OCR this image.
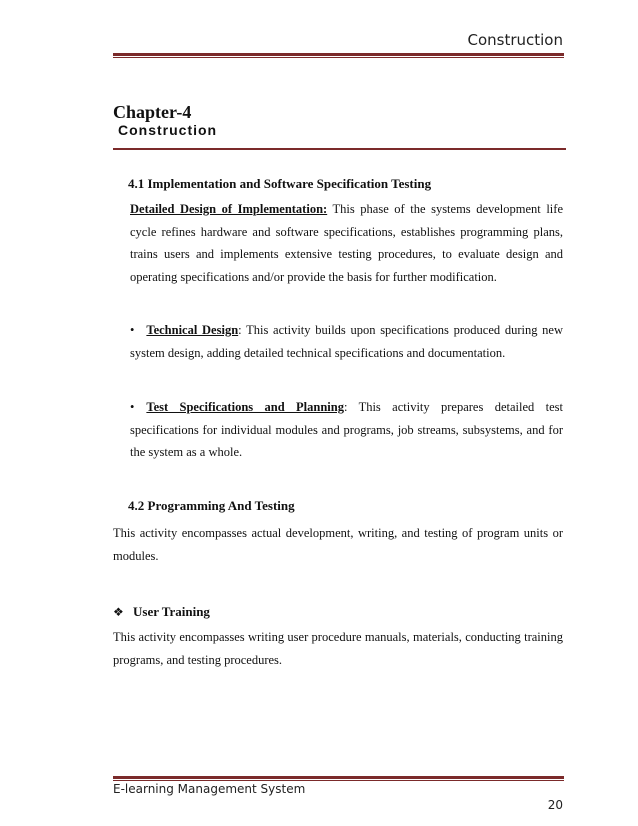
Construction
Chapter-4
Construction
4.1 Implementation and Software Specification Testing
Detailed Design of Implementation: This phase of the systems development life cycle refines hardware and software specifications, establishes programming plans, trains users and implements extensive testing procedures, to evaluate design and operating specifications and/or provide the basis for further modification.
• Technical Design: This activity builds upon specifications produced during new system design, adding detailed technical specifications and documentation.
• Test Specifications and Planning: This activity prepares detailed test specifications for individual modules and programs, job streams, subsystems, and for the system as a whole.
4.2 Programming And Testing
This activity encompasses actual development, writing, and testing of program units or modules.
❖ User Training
This activity encompasses writing user procedure manuals, materials, conducting training programs, and testing procedures.
E-learning Management System
20
